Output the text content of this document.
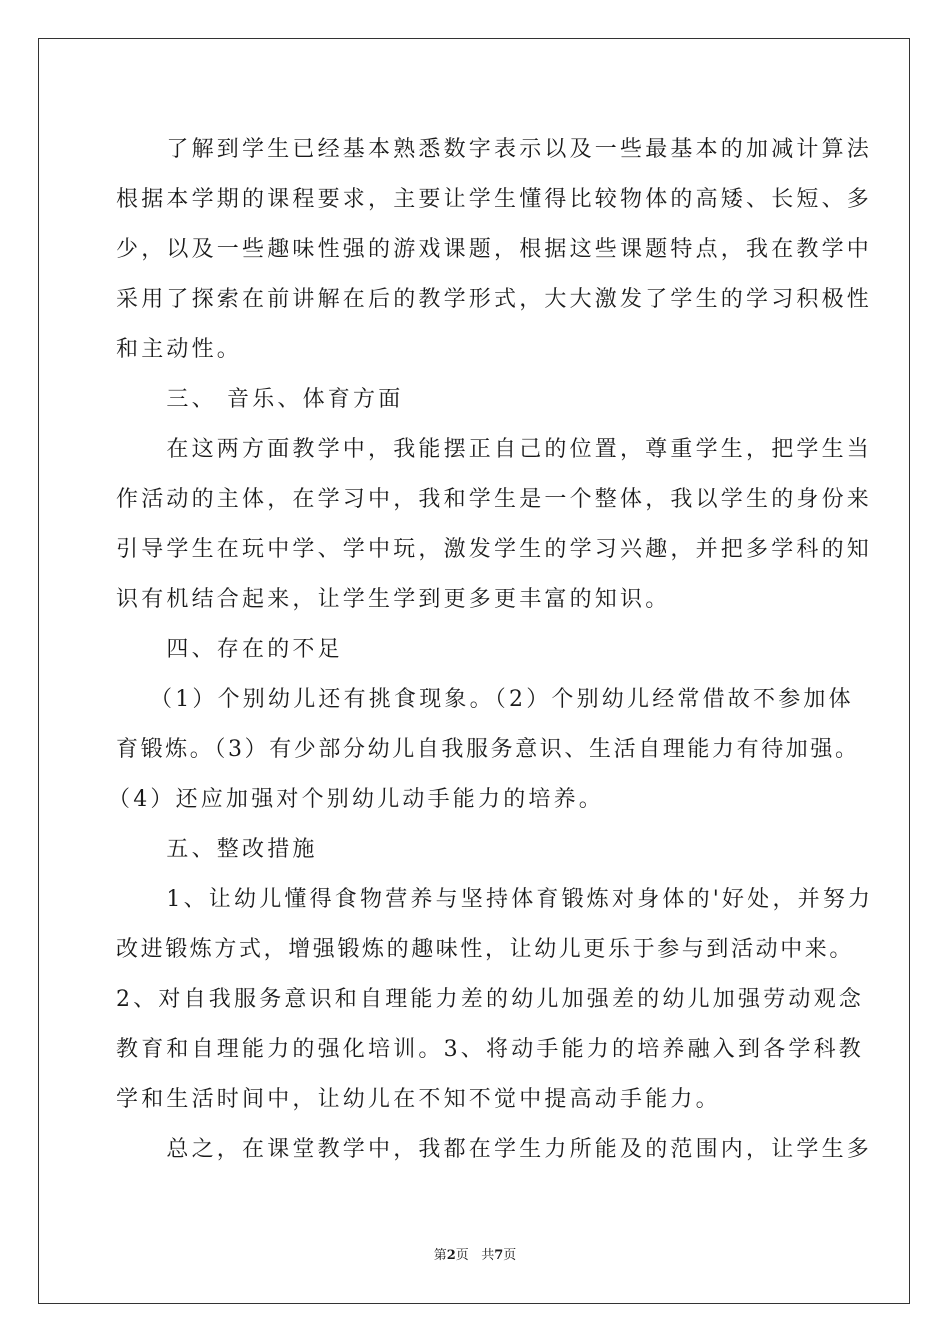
　　了解到学生已经基本熟悉数字表示以及一些最基本的加减计算法
根据本学期的课程要求，主要让学生懂得比较物体的高矮、长短、多
少，以及一些趣味性强的游戏课题，根据这些课题特点，我在教学中
采用了探索在前讲解在后的教学形式，大大激发了学生的学习积极性
和主动性。
　　三、 音乐、体育方面
　　在这两方面教学中，我能摆正自己的位置，尊重学生，把学生当
作活动的主体，在学习中，我和学生是一个整体，我以学生的身份来
引导学生在玩中学、学中玩，激发学生的学习兴趣，并把多学科的知
识有机结合起来，让学生学到更多更丰富的知识。
　　四、存在的不足
（1）个别幼儿还有挑食现象。（2）个别幼儿经常借故不参加体
育锻炼。（3）有少部分幼儿自我服务意识、生活自理能力有待加强。
（4）还应加强对个别幼儿动手能力的培养。
　　五、整改措施
　　1、让幼儿懂得食物营养与坚持体育锻炼对身体的'好处，并努力
改进锻炼方式，增强锻炼的趣味性，让幼儿更乐于参与到活动中来。
2、对自我服务意识和自理能力差的幼儿加强差的幼儿加强劳动观念
教育和自理能力的强化培训。3、将动手能力的培养融入到各学科教
学和生活时间中，让幼儿在不知不觉中提高动手能力。
　　总之，在课堂教学中，我都在学生力所能及的范围内，让学生多
第2页 共7页
